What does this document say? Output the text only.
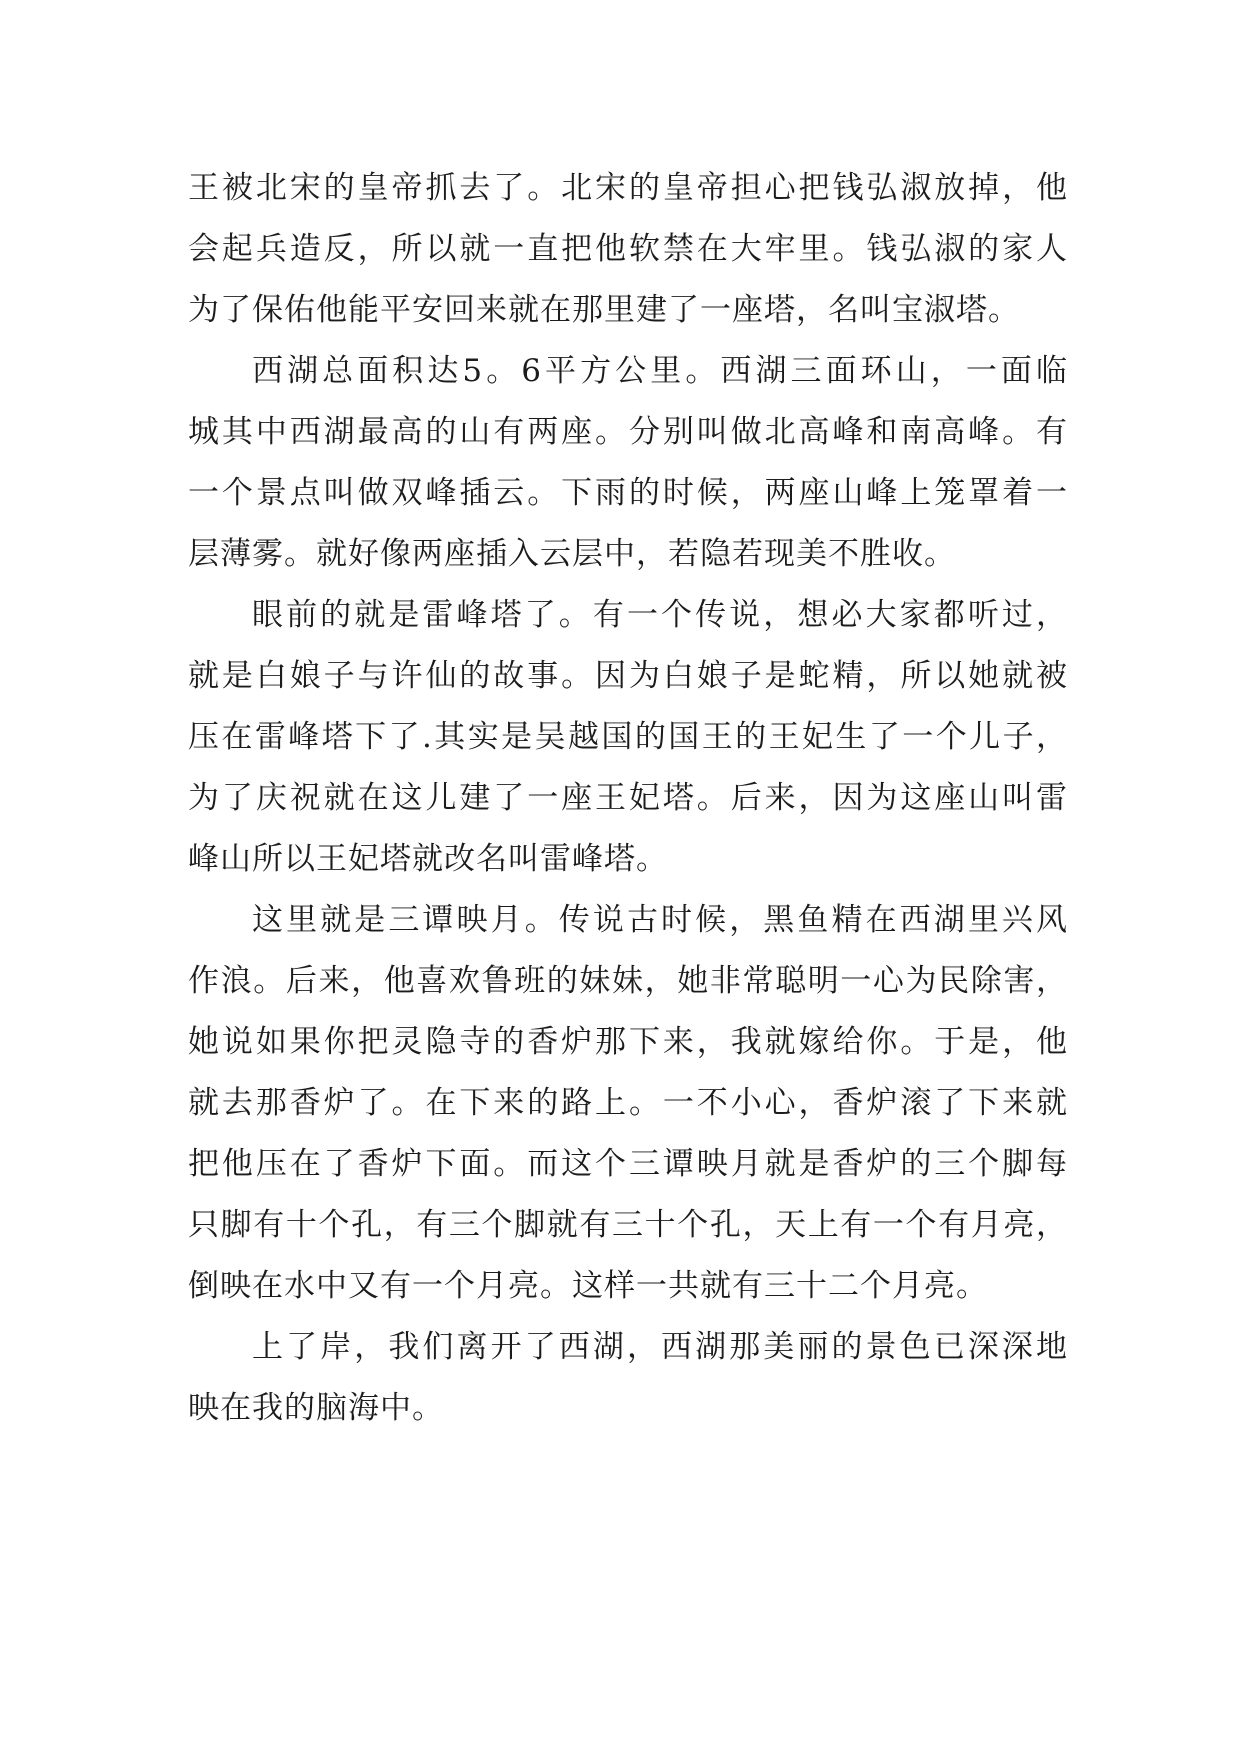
王被北宋的皇帝抓去了。北宋的皇帝担心把钱弘淑放掉，他
会起兵造反，所以就一直把他软禁在大牢里。钱弘淑的家人
为了保佑他能平安回来就在那里建了一座塔，名叫宝淑塔。
西湖总面积达5。6平方公里。西湖三面环山，一面临
城其中西湖最高的山有两座。分别叫做北高峰和南高峰。有
一个景点叫做双峰插云。下雨的时候，两座山峰上笼罩着一
层薄雾。就好像两座插入云层中，若隐若现美不胜收。
眼前的就是雷峰塔了。有一个传说，想必大家都听过，
就是白娘子与许仙的故事。因为白娘子是蛇精，所以她就被
压在雷峰塔下了.其实是吴越国的国王的王妃生了一个儿子，
为了庆祝就在这儿建了一座王妃塔。后来，因为这座山叫雷
峰山所以王妃塔就改名叫雷峰塔。
这里就是三谭映月。传说古时候，黑鱼精在西湖里兴风
作浪。后来，他喜欢鲁班的妹妹，她非常聪明一心为民除害，
她说如果你把灵隐寺的香炉那下来，我就嫁给你。于是，他
就去那香炉了。在下来的路上。一不小心，香炉滚了下来就
把他压在了香炉下面。而这个三谭映月就是香炉的三个脚每
只脚有十个孔，有三个脚就有三十个孔，天上有一个有月亮，
倒映在水中又有一个月亮。这样一共就有三十二个月亮。
上了岸，我们离开了西湖，西湖那美丽的景色已深深地
映在我的脑海中。
